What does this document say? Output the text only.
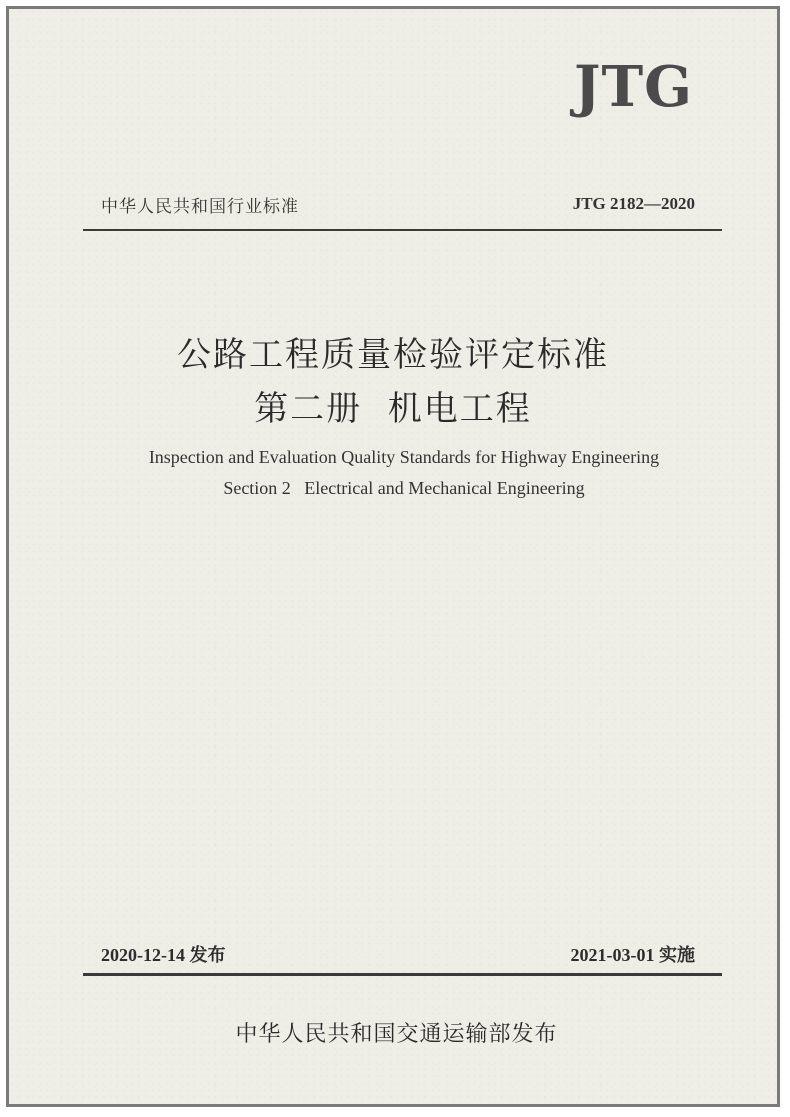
JTG
中华人民共和国行业标准	JTG 2182—2020
公路工程质量检验评定标准
第二册  机电工程
Inspection and Evaluation Quality Standards for Highway Engineering
Section 2   Electrical and Mechanical Engineering
2020-12-14 发布	2021-03-01 实施
中华人民共和国交通运输部发布
